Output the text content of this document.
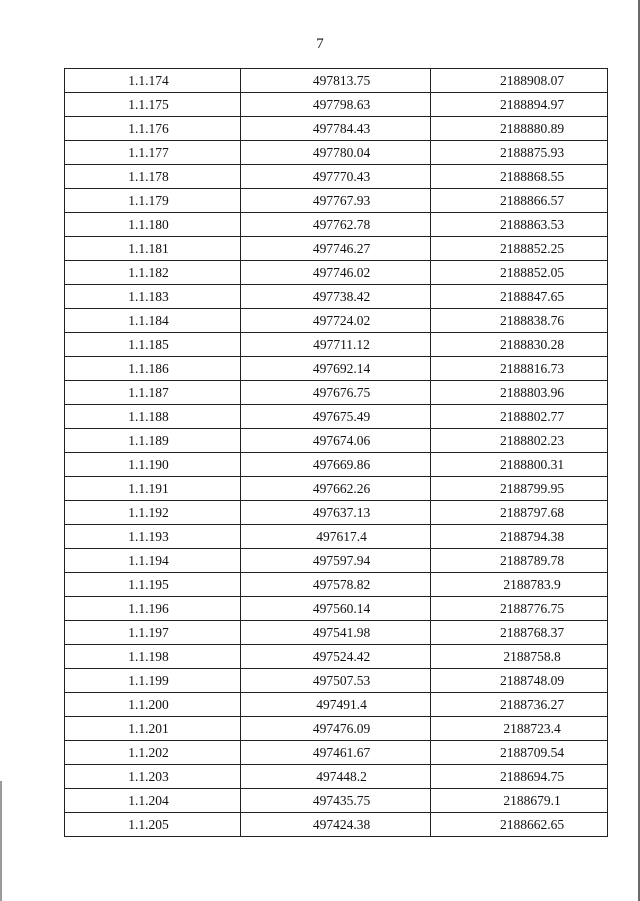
7
1.1.174	497813.75	2188908.07
1.1.175	497798.63	2188894.97
1.1.176	497784.43	2188880.89
1.1.177	497780.04	2188875.93
1.1.178	497770.43	2188868.55
1.1.179	497767.93	2188866.57
1.1.180	497762.78	2188863.53
1.1.181	497746.27	2188852.25
1.1.182	497746.02	2188852.05
1.1.183	497738.42	2188847.65
1.1.184	497724.02	2188838.76
1.1.185	497711.12	2188830.28
1.1.186	497692.14	2188816.73
1.1.187	497676.75	2188803.96
1.1.188	497675.49	2188802.77
1.1.189	497674.06	2188802.23
1.1.190	497669.86	2188800.31
1.1.191	497662.26	2188799.95
1.1.192	497637.13	2188797.68
1.1.193	497617.4	2188794.38
1.1.194	497597.94	2188789.78
1.1.195	497578.82	2188783.9
1.1.196	497560.14	2188776.75
1.1.197	497541.98	2188768.37
1.1.198	497524.42	2188758.8
1.1.199	497507.53	2188748.09
1.1.200	497491.4	2188736.27
1.1.201	497476.09	2188723.4
1.1.202	497461.67	2188709.54
1.1.203	497448.2	2188694.75
1.1.204	497435.75	2188679.1
1.1.205	497424.38	2188662.65
